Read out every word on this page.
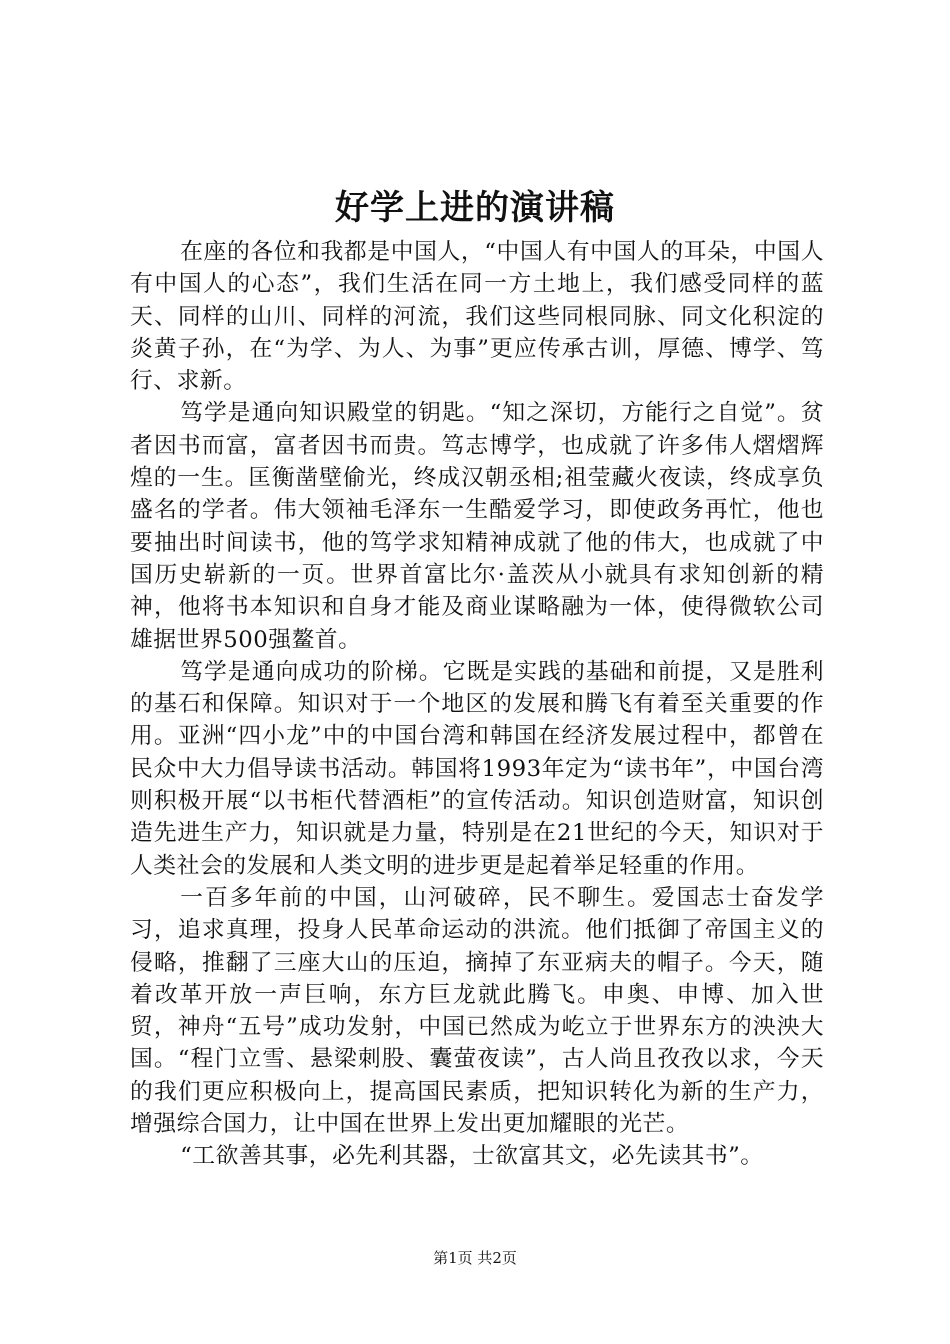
好学上进的演讲稿

在座的各位和我都是中国人，“中国人有中国人的耳朵，中国人有中国人的心态”，我们生活在同一方土地上，我们感受同样的蓝天、同样的山川、同样的河流，我们这些同根同脉、同文化积淀的炎黄子孙，在“为学、为人、为事”更应传承古训，厚德、博学、笃行、求新。

笃学是通向知识殿堂的钥匙。“知之深切，方能行之自觉”。贫者因书而富，富者因书而贵。笃志博学，也成就了许多伟人熠熠辉煌的一生。匡衡凿壁偷光，终成汉朝丞相;祖莹藏火夜读，终成享负盛名的学者。伟大领袖毛泽东一生酷爱学习，即使政务再忙，他也要抽出时间读书，他的笃学求知精神成就了他的伟大，也成就了中国历史崭新的一页。世界首富比尔·盖茨从小就具有求知创新的精神，他将书本知识和自身才能及商业谋略融为一体，使得微软公司雄据世界500强鳌首。

笃学是通向成功的阶梯。它既是实践的基础和前提，又是胜利的基石和保障。知识对于一个地区的发展和腾飞有着至关重要的作用。亚洲“四小龙”中的中国台湾和韩国在经济发展过程中，都曾在民众中大力倡导读书活动。韩国将1993年定为“读书年”，中国台湾则积极开展“以书柜代替酒柜”的宣传活动。知识创造财富，知识创造先进生产力，知识就是力量，特别是在21世纪的今天，知识对于人类社会的发展和人类文明的进步更是起着举足轻重的作用。

一百多年前的中国，山河破碎，民不聊生。爱国志士奋发学习，追求真理，投身人民革命运动的洪流。他们抵御了帝国主义的侵略，推翻了三座大山的压迫，摘掉了东亚病夫的帽子。今天，随着改革开放一声巨响，东方巨龙就此腾飞。申奥、申博、加入世贸，神舟“五号”成功发射，中国已然成为屹立于世界东方的泱泱大国。“程门立雪、悬梁刺股、囊萤夜读”，古人尚且孜孜以求，今天的我们更应积极向上，提高国民素质，把知识转化为新的生产力，增强综合国力，让中国在世界上发出更加耀眼的光芒。

“工欲善其事，必先利其器，士欲富其文，必先读其书”。

第1页 共2页
